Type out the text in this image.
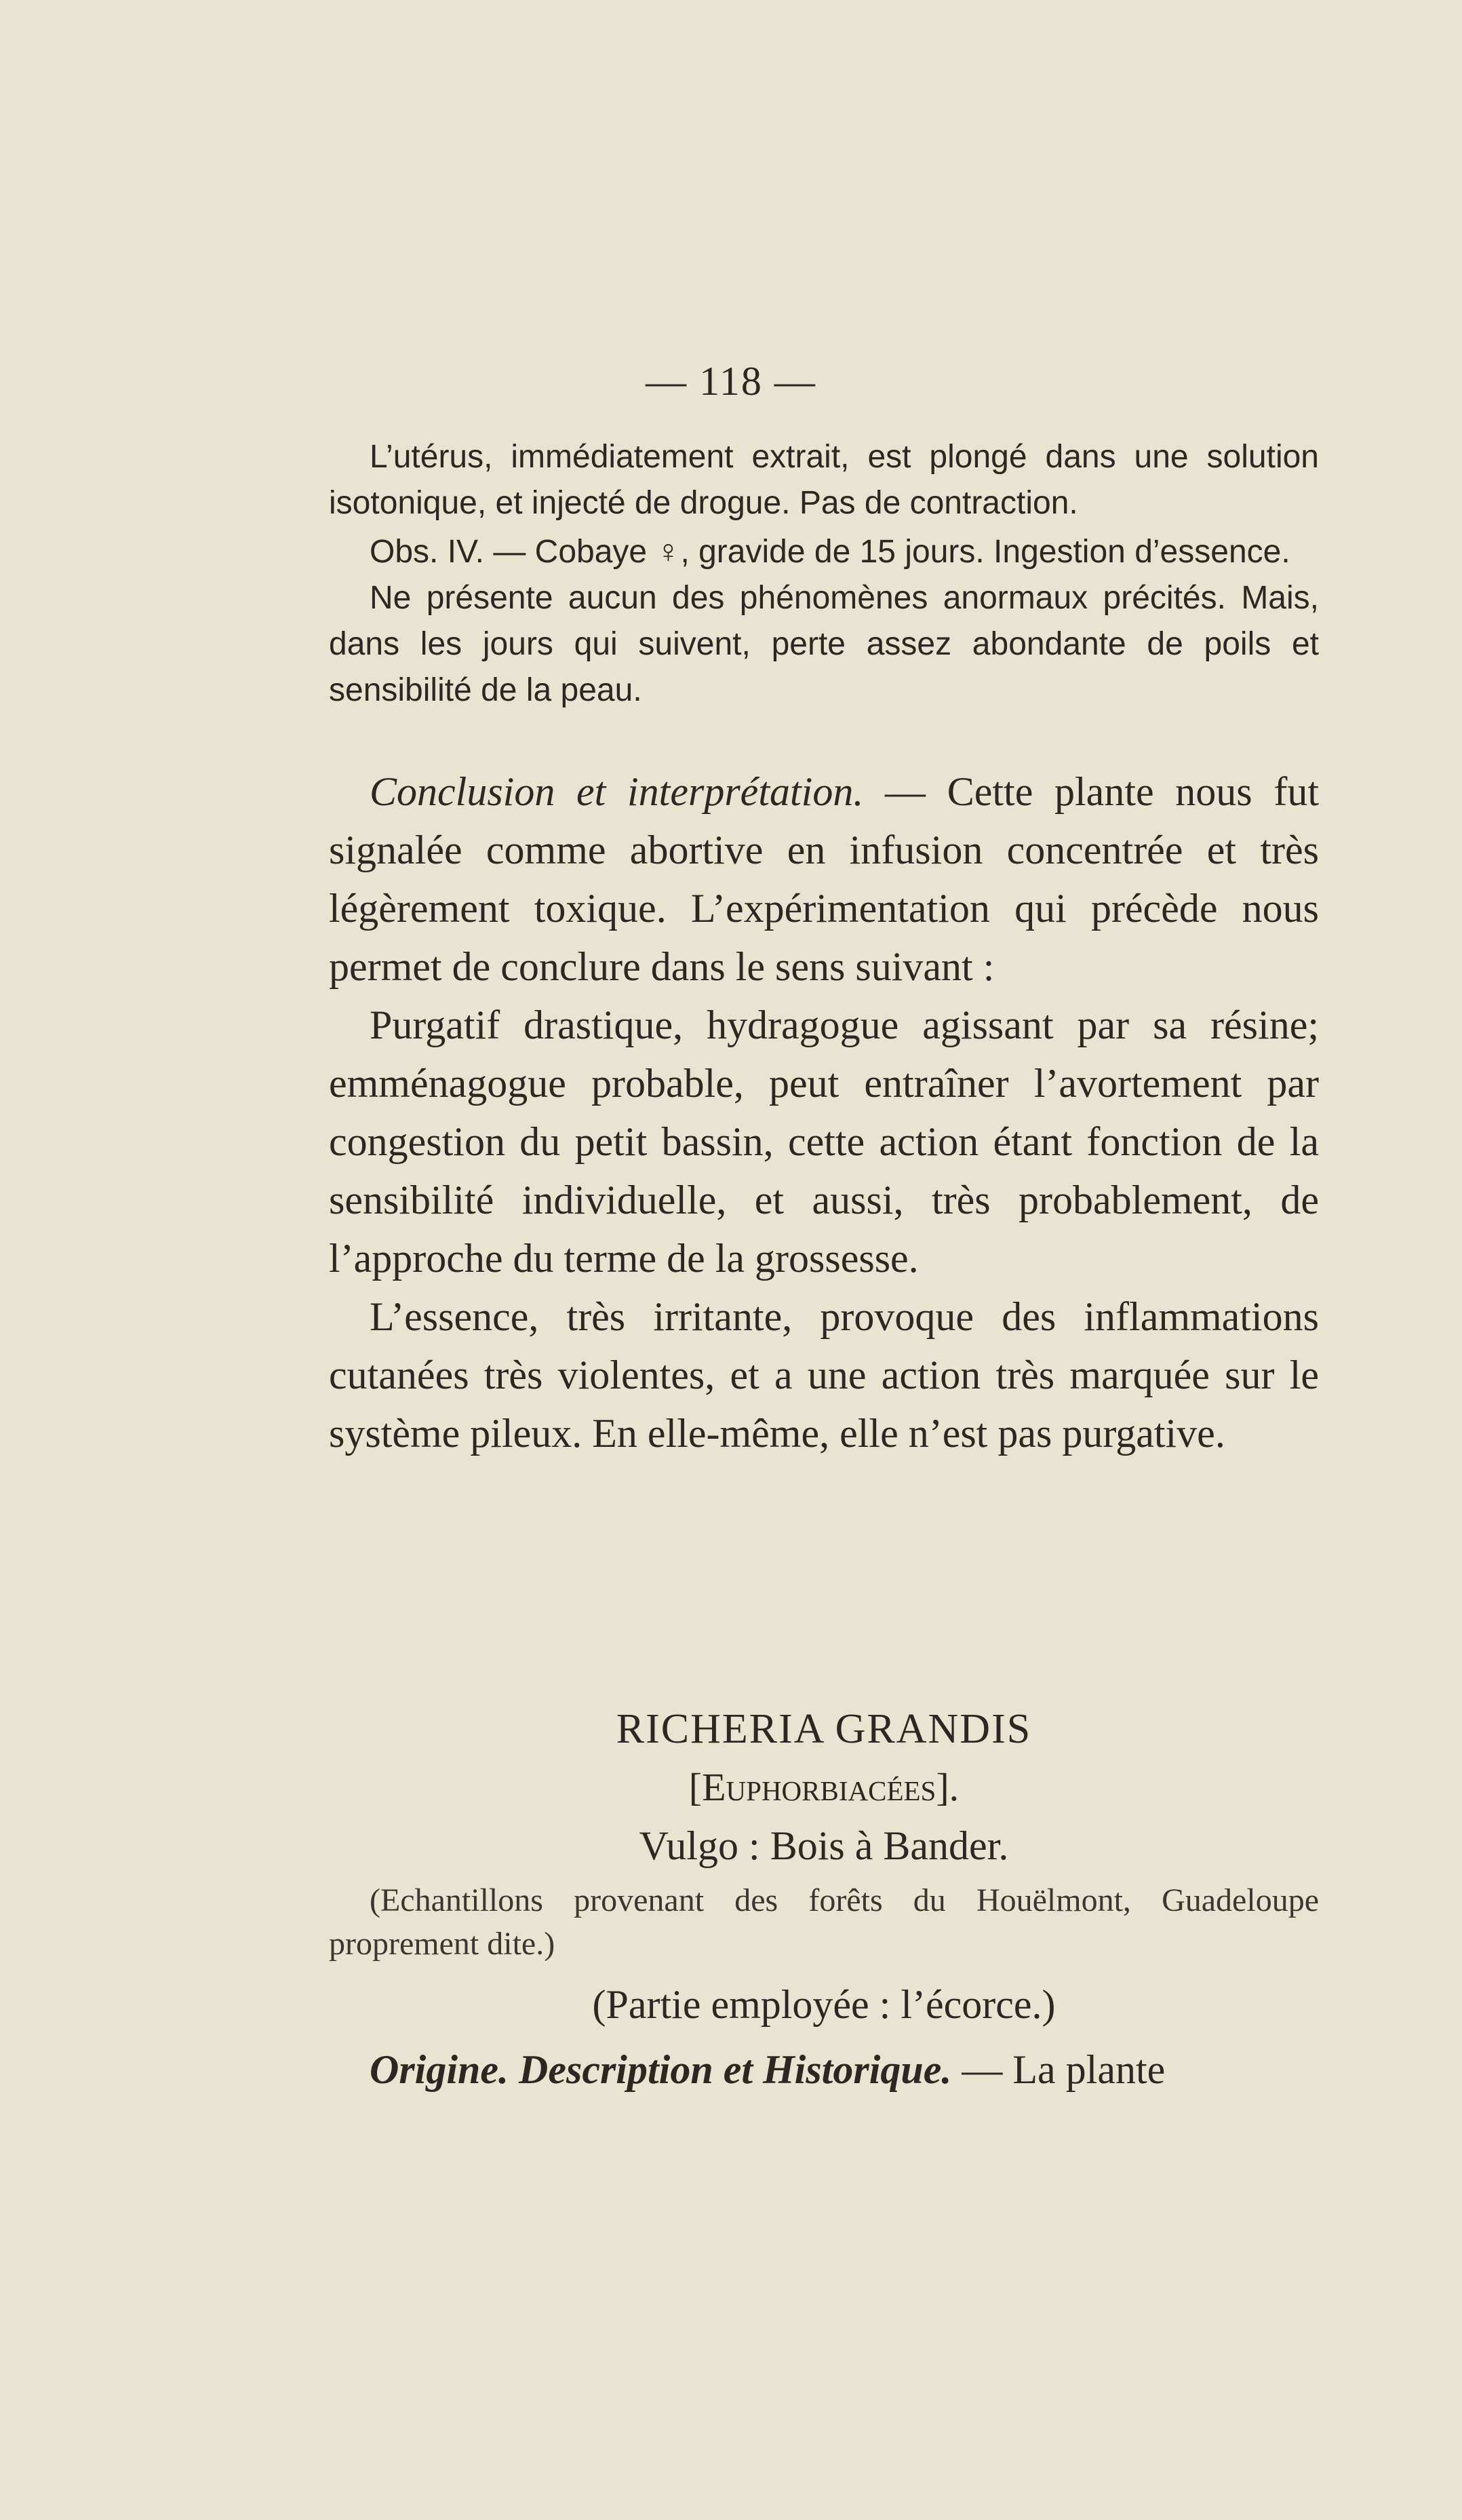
— 118 —

L’utérus, immédiatement extrait, est plongé dans une solution isotonique, et injecté de drogue. Pas de contraction.

Obs. IV. — Cobaye ♀, gravide de 15 jours. Ingestion d’essence.

Ne présente aucun des phénomènes anormaux précités. Mais, dans les jours qui suivent, perte assez abondante de poils et sensibilité de la peau.

Conclusion et interprétation. — Cette plante nous fut signalée comme abortive en infusion concentrée et très légèrement toxique. L’expérimentation qui précède nous permet de conclure dans le sens suivant :

Purgatif drastique, hydragogue agissant par sa résine; emménagogue probable, peut entraîner l’avortement par congestion du petit bassin, cette action étant fonction de la sensibilité individuelle, et aussi, très probablement, de l’approche du terme de la grossesse.

L’essence, très irritante, provoque des inflammations cutanées très violentes, et a une action très marquée sur le système pileux. En elle-même, elle n’est pas purgative.

RICHERIA GRANDIS

[Euphorbiacées].

Vulgo : Bois à Bander.

(Echantillons provenant des forêts du Houëlmont, Guadeloupe proprement dite.)

(Partie employée : l’écorce.)

Origine. Description et Historique. — La plante
